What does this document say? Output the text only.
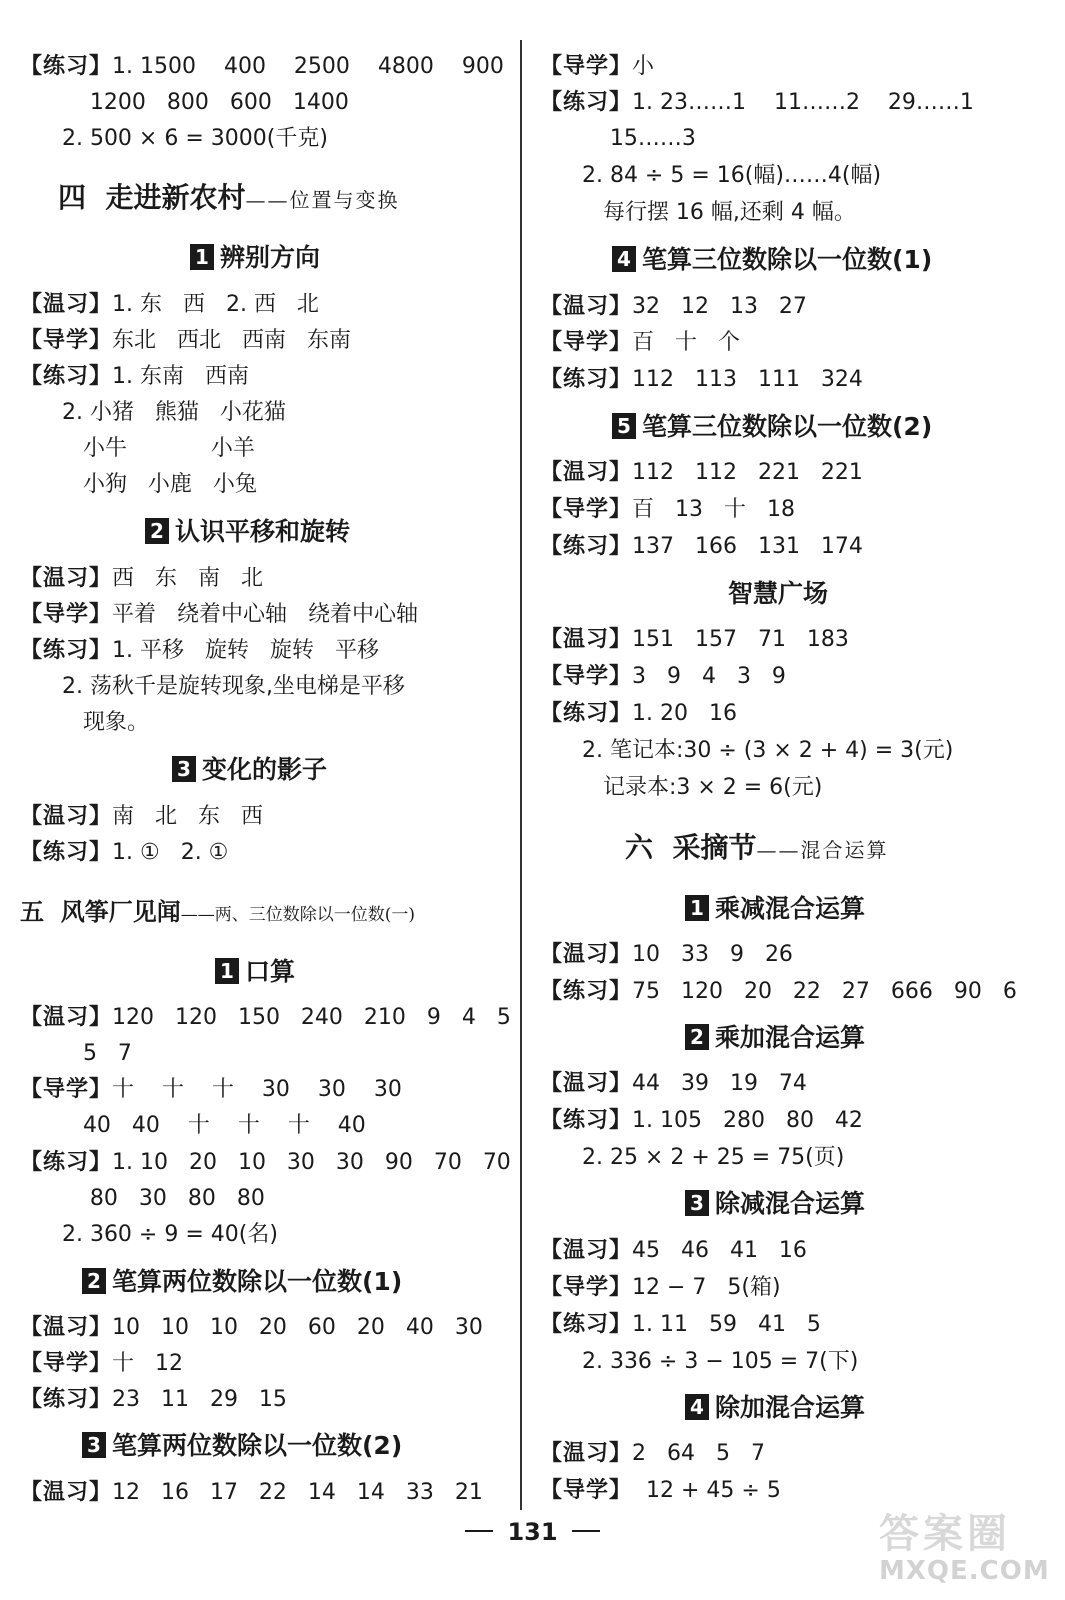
【练习】1. 1500    400    2500    4800    900
1200   800   600   1400
2. 500 × 6 = 3000(千克)
四  走进新农村——位置与变换
1 辨别方向
【温习】1. 东   西   2. 西   北
【导学】东北   西北   西南   东南
【练习】1. 东南   西南
2. 小猪   熊猫   小花猫
小牛            小羊
小狗   小鹿   小兔
2 认识平移和旋转
【温习】西   东   南   北
【导学】平着   绕着中心轴   绕着中心轴
【练习】1. 平移   旋转   旋转   平移
2. 荡秋千是旋转现象,坐电梯是平移
现象。
3 变化的影子
【温习】南   北   东   西
【练习】1. ①   2. ①
五  风筝厂见闻——两、三位数除以一位数(一)
1 口算
【温习】120   120   150   240   210   9   4   5
5   7
【导学】十    十    十    30    30    30
40   40    十    十    十    40
【练习】1. 10   20   10   30   30   90   70   70
80   30   80   80
2. 360 ÷ 9 = 40(名)
2 笔算两位数除以一位数(1)
【温习】10   10   10   20   60   20   40   30
【导学】十   12
【练习】23   11   29   15
3 笔算两位数除以一位数(2)
【温习】12   16   17   22   14   14   33   21
【导学】小
【练习】1. 23……1    11……2    29……1
15……3
2. 84 ÷ 5 = 16(幅)……4(幅)
每行摆 16 幅,还剩 4 幅。
4 笔算三位数除以一位数(1)
【温习】32   12   13   27
【导学】百   十   个
【练习】112   113   111   324
5 笔算三位数除以一位数(2)
【温习】112   112   221   221
【导学】百   13   十   18
【练习】137   166   131   174
智慧广场
【温习】151   157   71   183
【导学】3   9   4   3   9
【练习】1. 20   16
2. 笔记本:30 ÷ (3 × 2 + 4) = 3(元)
记录本:3 × 2 = 6(元)
六  采摘节——混合运算
1 乘减混合运算
【温习】10   33   9   26
【练习】75   120   20   22   27   666   90   6
2 乘加混合运算
【温习】44   39   19   74
【练习】1. 105   280   80   42
2. 25 × 2 + 25 = 75(页)
3 除减混合运算
【温习】45   46   41   16
【导学】12 − 7   5(箱)
【练习】1. 11   59   41   5
2. 336 ÷ 3 − 105 = 7(下)
4 除加混合运算
【温习】2   64   5   7
【导学】  12 + 45 ÷ 5
131	答案圈
MXQE.COM
